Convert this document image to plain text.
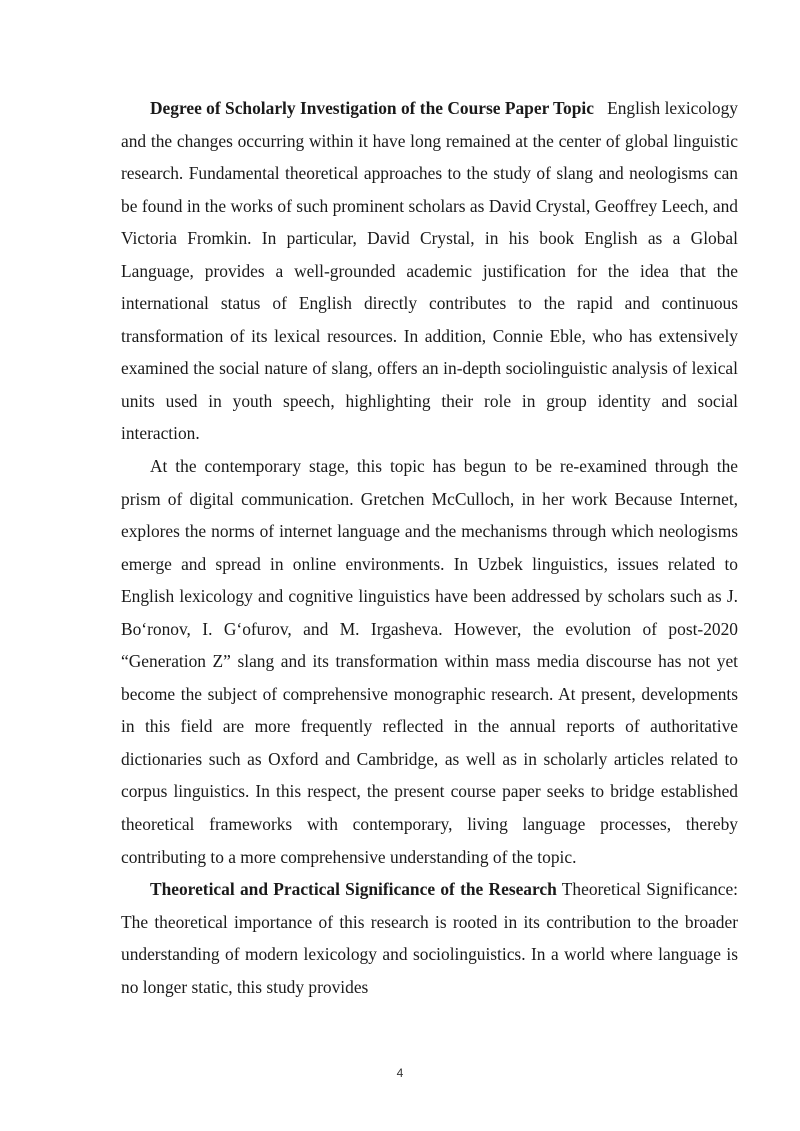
Degree of Scholarly Investigation of the Course Paper Topic English lexicology and the changes occurring within it have long remained at the center of global linguistic research. Fundamental theoretical approaches to the study of slang and neologisms can be found in the works of such prominent scholars as David Crystal, Geoffrey Leech, and Victoria Fromkin. In particular, David Crystal, in his book English as a Global Language, provides a well-grounded academic justification for the idea that the international status of English directly contributes to the rapid and continuous transformation of its lexical resources. In addition, Connie Eble, who has extensively examined the social nature of slang, offers an in-depth sociolinguistic analysis of lexical units used in youth speech, highlighting their role in group identity and social interaction.

At the contemporary stage, this topic has begun to be re-examined through the prism of digital communication. Gretchen McCulloch, in her work Because Internet, explores the norms of internet language and the mechanisms through which neologisms emerge and spread in online environments. In Uzbek linguistics, issues related to English lexicology and cognitive linguistics have been addressed by scholars such as J. Bo‘ronov, I. G‘ofurov, and M. Irgasheva. However, the evolution of post-2020 “Generation Z” slang and its transformation within mass media discourse has not yet become the subject of comprehensive monographic research. At present, developments in this field are more frequently reflected in the annual reports of authoritative dictionaries such as Oxford and Cambridge, as well as in scholarly articles related to corpus linguistics. In this respect, the present course paper seeks to bridge established theoretical frameworks with contemporary, living language processes, thereby contributing to a more comprehensive understanding of the topic.

Theoretical and Practical Significance of the Research Theoretical Significance: The theoretical importance of this research is rooted in its contribution to the broader understanding of modern lexicology and sociolinguistics. In a world where language is no longer static, this study provides

4
